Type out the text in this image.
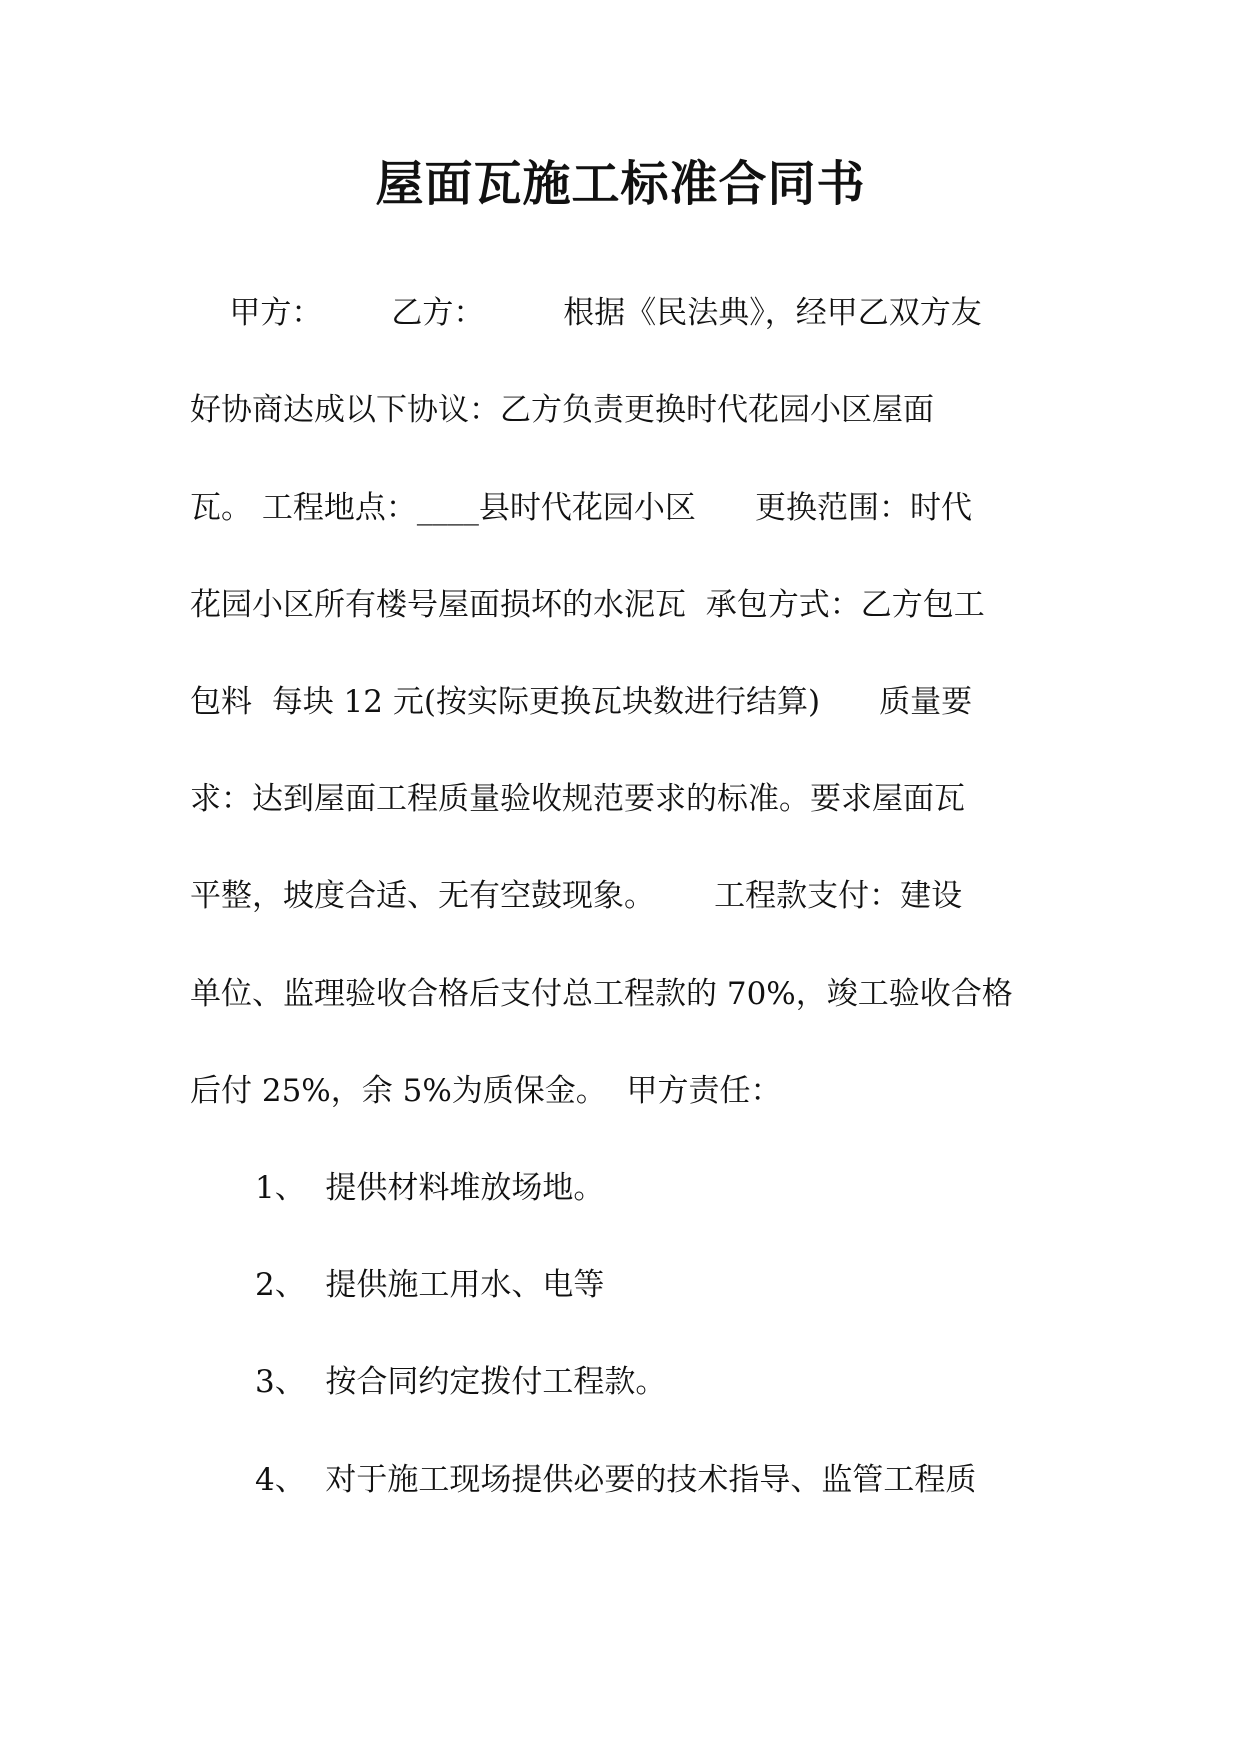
屋面瓦施工标准合同书
甲方：       乙方：        根据《民法典》，经甲乙双方友
好协商达成以下协议：乙方负责更换时代花园小区屋面
瓦。 工程地点：____县时代花园小区      更换范围：时代
花园小区所有楼号屋面损坏的水泥瓦  承包方式：乙方包工
包料  每块 12 元(按实际更换瓦块数进行结算)      质量要
求：达到屋面工程质量验收规范要求的标准。要求屋面瓦
平整，坡度合适、无有空鼓现象。      工程款支付：建设
单位、监理验收合格后支付总工程款的 70%，竣工验收合格
后付 25%，余 5%为质保金。  甲方责任：
1、  提供材料堆放场地。
2、  提供施工用水、电等
3、  按合同约定拨付工程款。
4、  对于施工现场提供必要的技术指导、监管工程质
